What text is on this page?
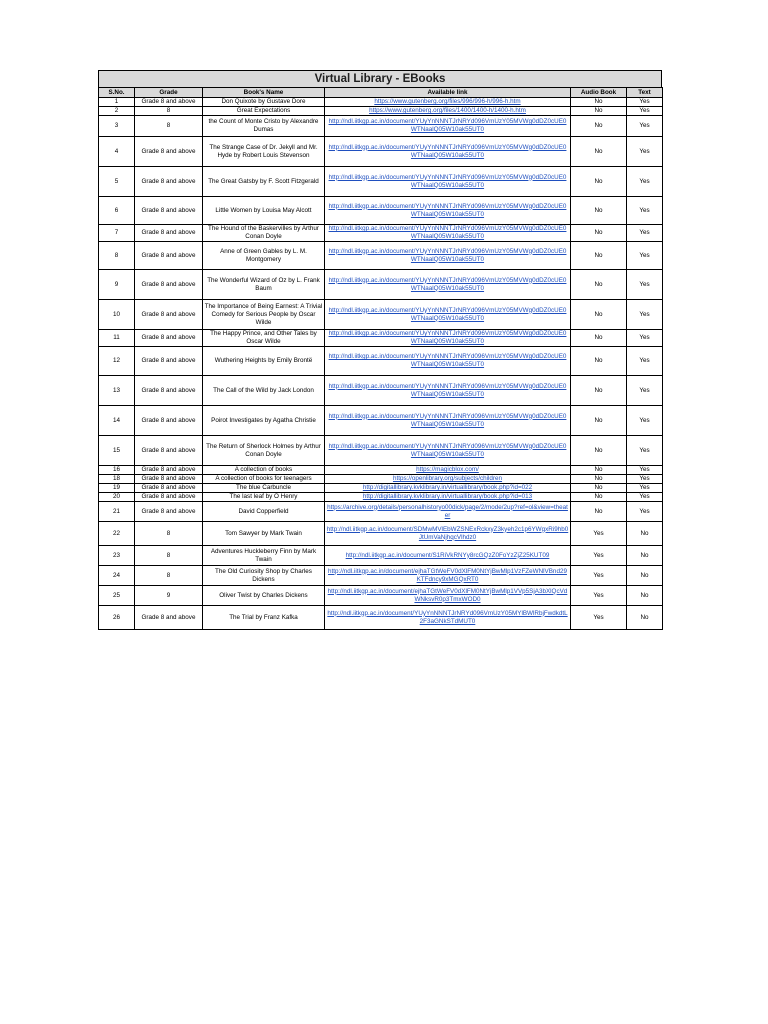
Virtual Library - EBooks
S.No.	Grade	Book's Name	Available link	Audio Book	Text
1	Grade 8 and above	Don Quixote by Gustave Dore	https://www.gutenberg.org/files/996/996-h/996-h.htm	No	Yes
2	8	Great Expectations	https://www.gutenberg.org/files/1400/1400-h/1400-h.htm	No	Yes
3	8	the Count of Monte Cristo by Alexandre Dumas	http://ndl.iitkgp.ac.in/document/YUyYnNNNTJrNRYd096VmUzY05MVWg0dDZ0cUE0WTNaalQ05W10ak55UT0	No	Yes
4	Grade 8 and above	The Strange Case of Dr. Jekyll and Mr. Hyde by Robert Louis Stevenson	http://ndl.iitkgp.ac.in/document/YUyYnNNNTJrNRYd096VmUzY05MVWg0dDZ0cUE0WTNaalQ05W10ak55UT0	No	Yes
5	Grade 8 and above	The Great Gatsby by F. Scott Fitzgerald	http://ndl.iitkgp.ac.in/document/YUyYnNNNTJrNRYd096VmUzY05MVWg0dDZ0cUE0WTNaalQ05W10ak55UT0	No	Yes
6	Grade 8 and above	Little Women by Louisa May Alcott	http://ndl.iitkgp.ac.in/document/YUyYnNNNTJrNRYd096VmUzY05MVWg0dDZ0cUE0WTNaalQ05W10ak55UT0	No	Yes
7	Grade 8 and above	The Hound of the Baskervilles by Arthur Conan Doyle	http://ndl.iitkgp.ac.in/document/YUyYnNNNTJrNRYd096VmUzY05MVWg0dDZ0cUE0WTNaalQ05W10ak55UT0	No	Yes
8	Grade 8 and above	Anne of Green Gables by L. M. Montgomery	http://ndl.iitkgp.ac.in/document/YUyYnNNNTJrNRYd096VmUzY05MVWg0dDZ0cUE0WTNaalQ05W10ak55UT0	No	Yes
9	Grade 8 and above	The Wonderful Wizard of Oz by L. Frank Baum	http://ndl.iitkgp.ac.in/document/YUyYnNNNTJrNRYd096VmUzY05MVWg0dDZ0cUE0WTNaalQ05W10ak55UT0	No	Yes
10	Grade 8 and above	The Importance of Being Earnest: A Trivial Comedy for Serious People by Oscar Wilde	http://ndl.iitkgp.ac.in/document/YUyYnNNNTJrNRYd096VmUzY05MVWg0dDZ0cUE0WTNaalQ05W10ak55UT0	No	Yes
11	Grade 8 and above	The Happy Prince, and Other Tales by Oscar Wilde	http://ndl.iitkgp.ac.in/document/YUyYnNNNTJrNRYd096VmUzY05MVWg0dDZ0cUE0WTNaalQ05W10ak55UT0	No	Yes
12	Grade 8 and above	Wuthering Heights by Emily Brontë	http://ndl.iitkgp.ac.in/document/YUyYnNNNTJrNRYd096VmUzY05MVWg0dDZ0cUE0WTNaalQ05W10ak55UT0	No	Yes
13	Grade 8 and above	The Call of the Wild by Jack London	http://ndl.iitkgp.ac.in/document/YUyYnNNNTJrNRYd096VmUzY05MVWg0dDZ0cUE0WTNaalQ05W10ak55UT0	No	Yes
14	Grade 8 and above	Poirot Investigates by Agatha Christie	http://ndl.iitkgp.ac.in/document/YUyYnNNNTJrNRYd096VmUzY05MVWg0dDZ0cUE0WTNaalQ05W10ak55UT0	No	Yes
15	Grade 8 and above	The Return of Sherlock Holmes by Arthur Conan Doyle	http://ndl.iitkgp.ac.in/document/YUyYnNNNTJrNRYd096VmUzY05MVWg0dDZ0cUE0WTNaalQ05W10ak55UT0	No	Yes
16	Grade 8 and above	A collection of books	https://magicblox.com/	No	Yes
18	Grade 8 and above	A collection of books for teenagers	https://openlibrary.org/subjects/children	No	Yes
19	Grade 8 and above	The blue Carbuncle	http://digitallibrary.kvklibrary.in/virtuallibrary/book.php?id=022	No	Yes
20	Grade 8 and above	The last leaf by O Henry	http://digitallibrary.kvklibrary.in/virtuallibrary/book.php?id=013	No	Yes
21	Grade 8 and above	David Copperfield	https://archive.org/details/personalhistoryo00dick/page/2/mode/2up?ref=ol&view=theater	No	Yes
22	8	Tom Sawyer by Mark Twain	http://ndl.iitkgp.ac.in/document/SDMwMVlEbWZSNExRckxyZ3kyeh2c1p6YWgxRi9hb0JtUmVaNjhqcVlhdz0	Yes	No
23	8	Adventures Huckleberry Finn by Mark Twain	http://ndl.iitkgp.ac.in/document/S1RiVkRNYy8rcGQzZ0FoYzZjZ25KUT09	Yes	No
24	8	The Old Curiosity Shop by Charles Dickens	http://ndl.iitkgp.ac.in/document/ejhaTGtWeFV0dXlFM0NtYjBwMlp1VzFZeWNlVBnd29KTFdncy9xMGQxRT0	Yes	No
25	9	Oliver Twist by Charles Dickens	http://ndl.iitkgp.ac.in/document/ejhaTGtWeFV0dXlFM0NtYjBwMlp1VVp5SjA3bXlQcVdWNksvR0p3TmxWOD0	Yes	No
26	Grade 8 and above	The Trial by Franz Kafka	http://ndl.iitkgp.ac.in/document/YUyYnNNNTJrNRYd096VmUzY05MYlBWlRbjFwdkdtL2F3aGNkSTdMUT0	Yes	No
